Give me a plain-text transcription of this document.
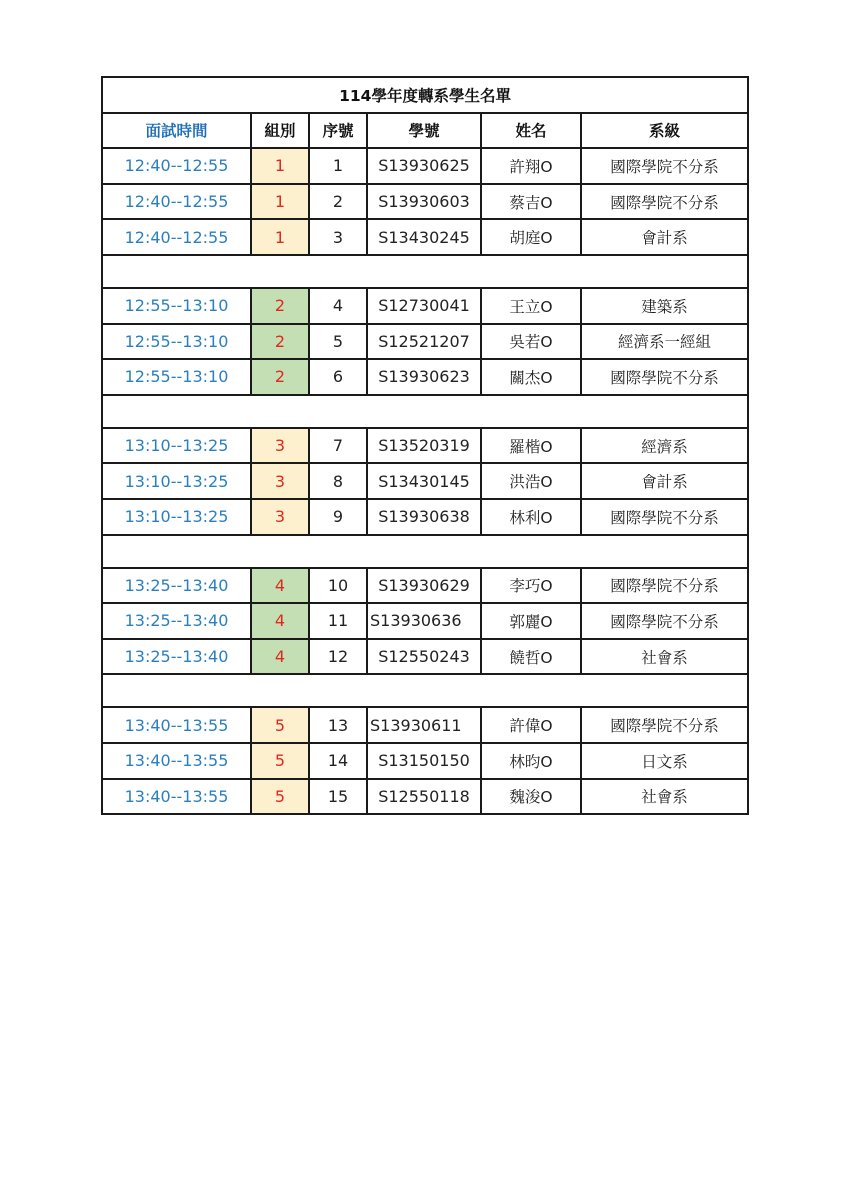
114學年度轉系學生名單					
面試時間	組別	序號	學號	姓名	系級
12:40--12:55	1	1	S13930625	許翔O	國際學院不分系
12:40--12:55	1	2	S13930603	蔡吉O	國際學院不分系
12:40--12:55	1	3	S13430245	胡庭O	會計系

12:55--13:10	2	4	S12730041	王立O	建築系
12:55--13:10	2	5	S12521207	吳若O	經濟系一經組
12:55--13:10	2	6	S13930623	關杰O	國際學院不分系

13:10--13:25	3	7	S13520319	羅楷O	經濟系
13:10--13:25	3	8	S13430145	洪浩O	會計系
13:10--13:25	3	9	S13930638	林利O	國際學院不分系

13:25--13:40	4	10	S13930629	李巧O	國際學院不分系
13:25--13:40	4	11	S13930636	郭麗O	國際學院不分系
13:25--13:40	4	12	S12550243	饒哲O	社會系

13:40--13:55	5	13	S13930611	許偉O	國際學院不分系
13:40--13:55	5	14	S13150150	林昀O	日文系
13:40--13:55	5	15	S12550118	魏浚O	社會系
